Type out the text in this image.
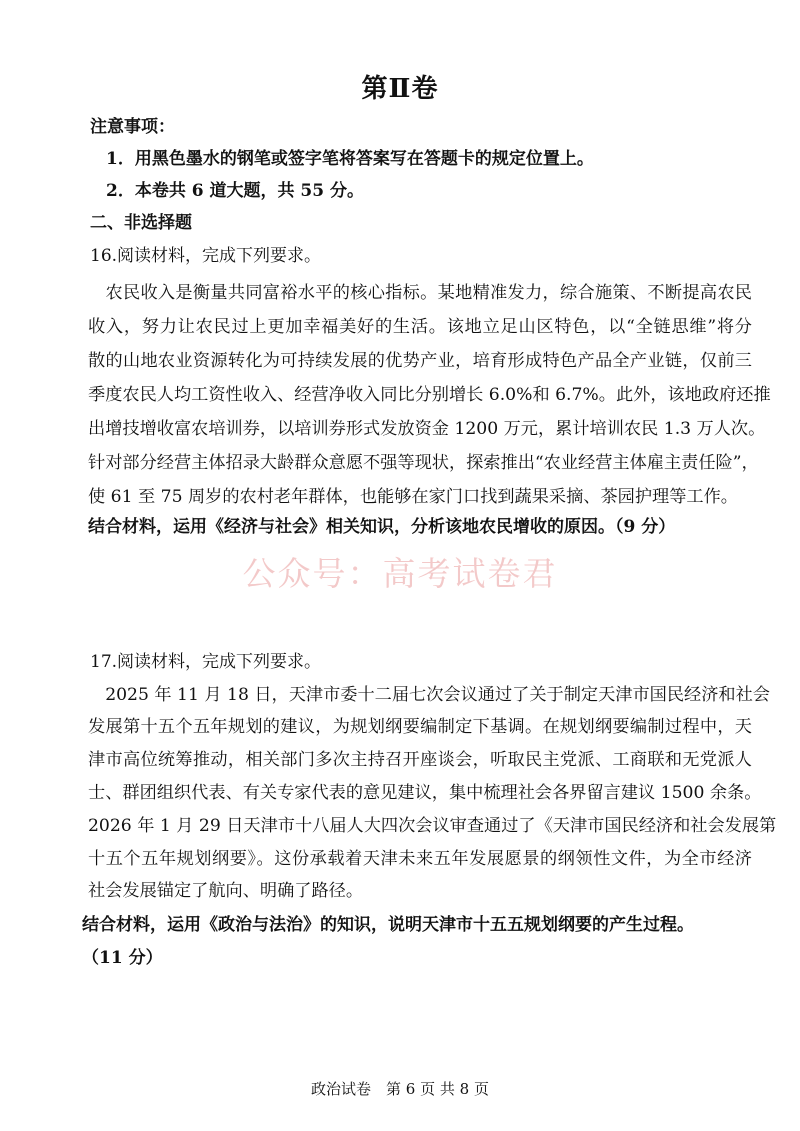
第Ⅱ卷
注意事项：
1．用黑色墨水的钢笔或签字笔将答案写在答题卡的规定位置上。
2．本卷共 6 道大题，共 55 分。
二、非选择题
16.阅读材料，完成下列要求。
　农民收入是衡量共同富裕水平的核心指标。某地精准发力，综合施策、不断提高农民
收入，努力让农民过上更加幸福美好的生活。该地立足山区特色，以“全链思维”将分
散的山地农业资源转化为可持续发展的优势产业，培育形成特色产品全产业链，仅前三
季度农民人均工资性收入、经营净收入同比分别增长 6.0%和 6.7%。此外，该地政府还推
出增技增收富农培训券，以培训券形式发放资金 1200 万元，累计培训农民 1.3 万人次。
针对部分经营主体招录大龄群众意愿不强等现状，探索推出“农业经营主体雇主责任险”，
使 61 至 75 周岁的农村老年群体，也能够在家门口找到蔬果采摘、茶园护理等工作。
结合材料，运用《经济与社会》相关知识，分析该地农民增收的原因。（9 分）
公众号：高考试卷君
17.阅读材料，完成下列要求。
　2025 年 11 月 18 日，天津市委十二届七次会议通过了关于制定天津市国民经济和社会
发展第十五个五年规划的建议，为规划纲要编制定下基调。在规划纲要编制过程中，天
津市高位统筹推动，相关部门多次主持召开座谈会，听取民主党派、工商联和无党派人
士、群团组织代表、有关专家代表的意见建议，集中梳理社会各界留言建议 1500 余条。
2026 年 1 月 29 日天津市十八届人大四次会议审查通过了《天津市国民经济和社会发展第
十五个五年规划纲要》。这份承载着天津未来五年发展愿景的纲领性文件，为全市经济
社会发展锚定了航向、明确了路径。
结合材料，运用《政治与法治》的知识，说明天津市十五五规划纲要的产生过程。
（11 分）
政治试卷　第 6 页 共 8 页
